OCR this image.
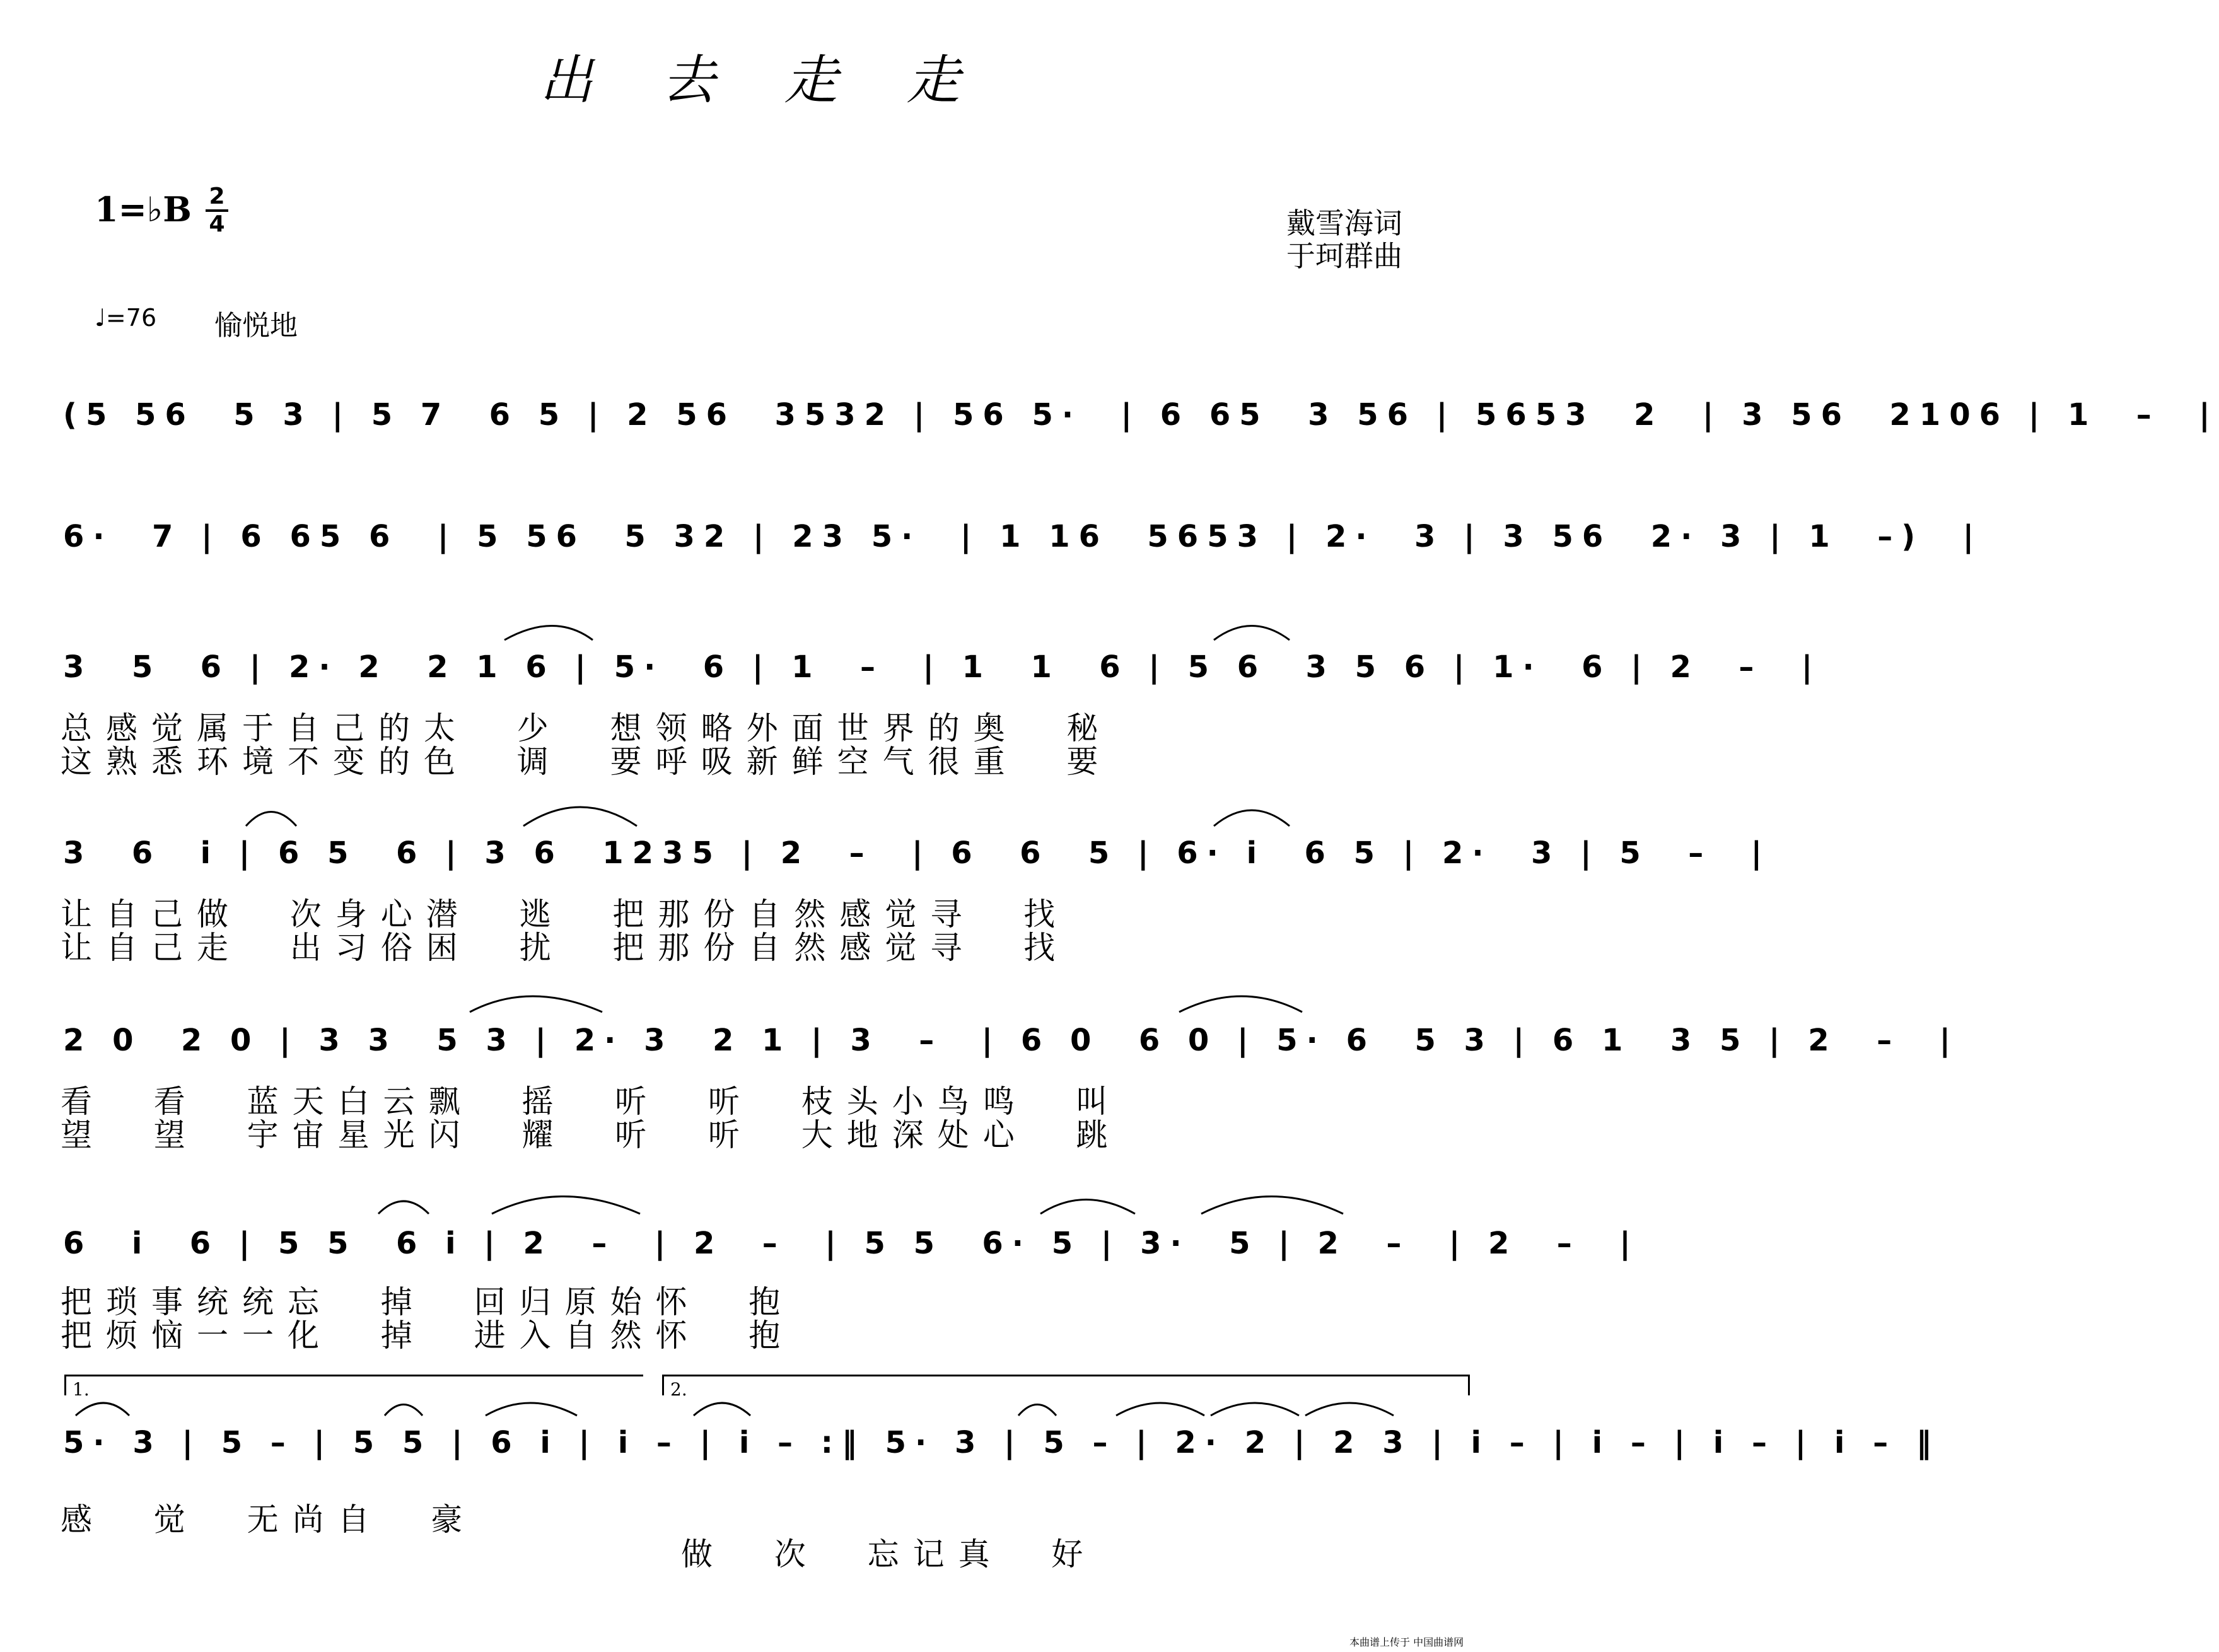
出去走走
1=♭B 2
4	戴雪海词
于珂群曲
♩=76 愉悦地
(5 56  5 3 | 5 7  6 5 | 2 56  3532 | 56 5·  | 6 65  3 56 | 5653  2  | 3 56  2106 | 1  –  |
6·  7 | 6 65 6  | 5 56  5 32 | 23 5·  | 1 16  5653 | 2·  3 | 3 56  2· 3 | 1  –)  |
3  5  6 | 2· 2  2 1 6 | 5·  6 | 1  –  | 1  1  6 | 5 6  3 5 6 | 1·  6 | 2  –  |
总感觉属于自己的太  少  想领略外面世界的奥  秘
这熟悉环境不变的色  调  要呼吸新鲜空气很重  要
3  6  i | 6 5  6 | 3 6  1235 | 2  –  | 6  6  5 | 6· i  6 5 | 2·  3 | 5  –  |
让自己做  次身心潜  逃  把那份自然感觉寻  找
让自己走  出习俗困  扰  把那份自然感觉寻  找
2 0  2 0 | 3 3  5 3 | 2· 3  2 1 | 3  –  | 6 0  6 0 | 5· 6  5 3 | 6 1  3 5 | 2  –  |
看  看  蓝天白云飘  摇  听  听  枝头小鸟鸣  叫
望  望  宇宙星光闪  耀  听  听  大地深处心  跳
6  i  6 | 5 5  6 i | 2  –  | 2  –  | 5 5  6· 5 | 3·  5 | 2  –  | 2  –  |
把琐事统统忘  掉  回归原始怀  抱
把烦恼一一化  掉  进入自然怀  抱
1.	2.
5· 3 | 5 – | 5 5 | 6 i | i – | i – :‖ 5· 3 | 5 – | 2· 2 | 2 3 | i – | i – | i – | i – ‖
感  觉  无尚自  豪
做  次  忘记真  好
本曲谱上传于 中国曲谱网
